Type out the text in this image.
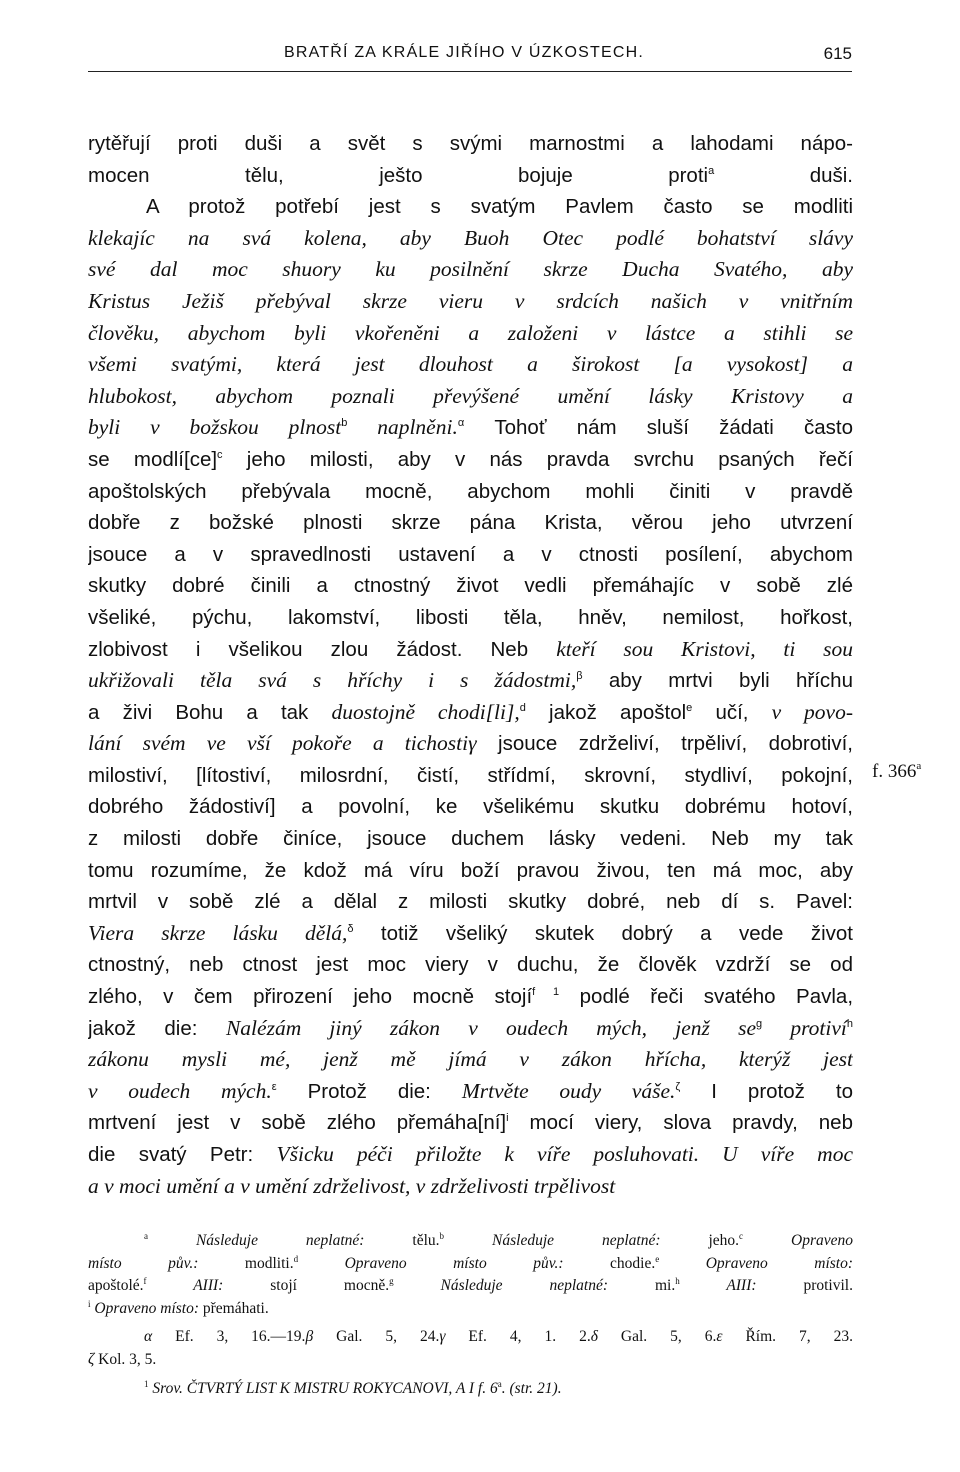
BRATŘÍ ZA KRÁLE JIŘÍHO V ÚZKOSTECH.	615
rytěřují proti duši a svět s svými marnostmi a lahodami nápo-
mocen tělu, ješto bojuje proti$^a$ duši.
A protož potřebí jest s svatým Pavlem často se modliti
klekajíc na svá kolena, aby Buoh Otec podlé bohatství slávy
své dal moc shuory ku posilnění skrze Ducha Svatého, aby
Kristus Ježiš přebýval skrze vieru v srdcích našich v vnitřním
člověku, abychom byli vkořeněni a založeni v lástce a stihli se
všemi svatými, která jest dlouhost a širokost [a vysokost] a
hlubokost, abychom poznali převýšené umění lásky Kristovy a
byli v božskou plnost$^b$ naplněni.$^\alpha$ Tohoť nám sluší žádati často
se modlí[ce]$^c$ jeho milosti, aby v nás pravda svrchu psaných řečí
apoštolských přebývala mocně, abychom mohli činiti v pravdě
dobře z božské plnosti skrze pána Krista, věrou jeho utvrzení
jsouce a v spravedlnosti ustavení a v ctnosti posílení, abychom
skutky dobré činili a ctnostný život vedli přemáhajíc v sobě zlé
všeliké, pýchu, lakomství, libosti těla, hněv, nemilost, hořkost,
zlobivost i všelikou zlou žádost. Neb kteří sou Kristovi, ti sou
ukřižovali těla svá s hříchy i s žádostmi,$^\beta$ aby mrtvi byli hříchu
a živi Bohu a tak duostojně chodi[li],$^d$ jakož apoštol$^e$ učí, v povo-
lání svém ve vší pokoře a tichostiγ jsouce zdrželiví, trpěliví, dobrotiví,
milostiví, [lítostiví, milosrdní, čistí, střídmí, skrovní, stydliví, pokojní,
dobrého žádostiví] a povolní, ke všelikému skutku dobrému hotoví,
z milosti dobře činíce, jsouce duchem lásky vedeni. Neb my tak
tomu rozumíme, že kdož má víru boží pravou živou, ten má moc, aby
mrtvil v sobě zlé a dělal z milosti skutky dobré, neb dí s. Pavel:
Viera skrze lásku dělá,$^\delta$ totiž všeliký skutek dobrý a vede život
ctnostný, neb ctnost jest moc viery v duchu, že člověk vzdrží se od
zlého, v čem přirození jeho mocně stojí$^{f 1}$ podlé řeči svatého Pavla,
jakož die: Nalézám jiný zákon v oudech mých, jenž $se^g$ protiví$^h$
zákonu mysli mé, jenž mě jímá v zákon hřícha, kterýž jest
v oudech mých.$^\varepsilon$ Protož die: Mrtvěte oudy váše.$^\zeta$ I protož to
mrtvení jest v sobě zlého přemáha[ní]$^i$ mocí viery, slova pravdy, neb
die svatý Petr: Všicku péči přiložte k víře posluhovati. U víře moc
a v moci umění a v umění zdrželivost, v zdrželivosti trpělivost
f. 366$^a$
$^a$ Následuje neplatné: tělu.$^b$ Následuje neplatné: jeho.$^c$ Opraveno
místo pův.: modliti.$^d$ Opraveno místo pův.: chodie.$^e$ Opraveno místo:
apoštolé.$^f$ AIII: stojí mocně.$^g$ Následuje neplatné: mi.$^h$ AIII: protivil.
$^i$ Opraveno místo: přemáhati.
α Ef. 3, 16.—19.β Gal. 5, 24.γ Ef. 4, 1. 2.δ Gal. 5, 6.ε Řím. 7, 23.
ζ Kol. 3, 5.
$^1$ Srov. ČTVRTÝ LIST K MISTRU ROKYCANOVI, A I f. 6$^a$. (str. 21).
